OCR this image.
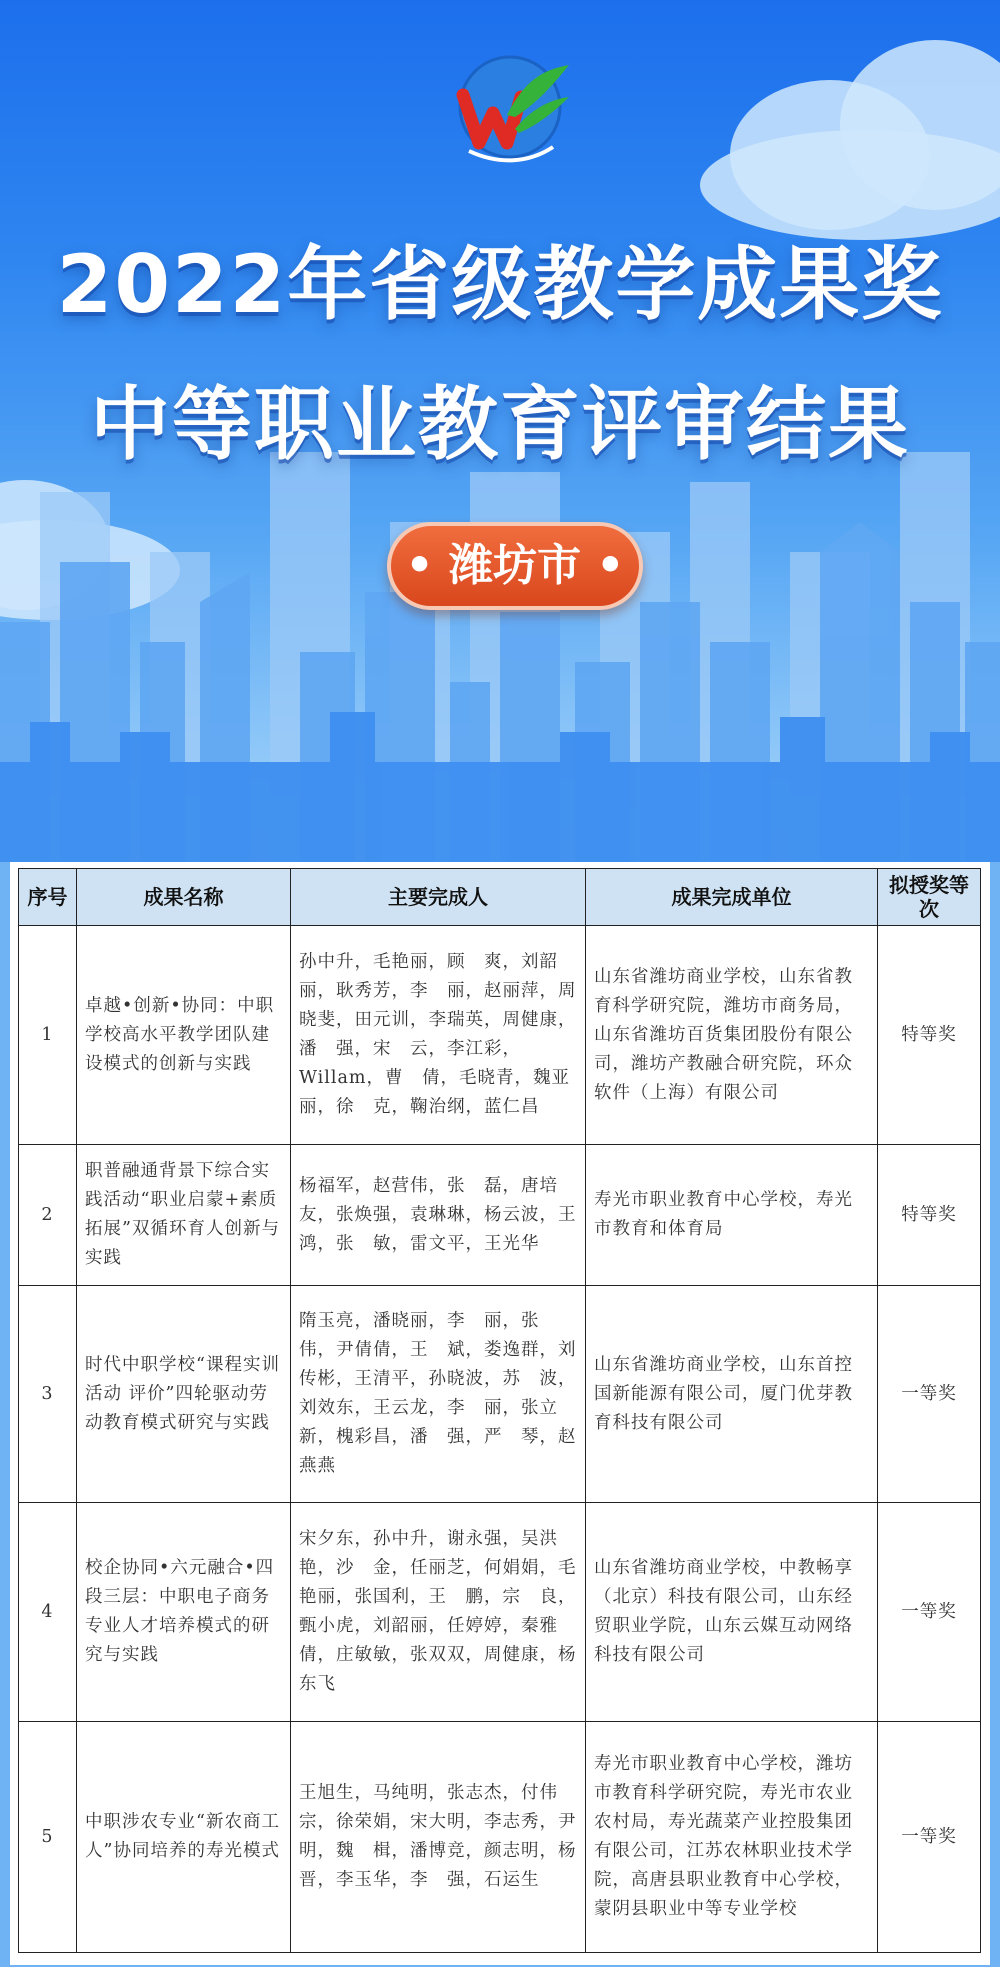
2022年省级教学成果奖
中等职业教育评审结果
• 潍坊市 •
序号	成果名称	主要完成人	成果完成单位	拟授奖等次
1	卓越•创新•协同：中职学校高水平教学团队建设模式的创新与实践	孙中升，毛艳丽，顾　爽，刘韶丽，耿秀芳，李　丽，赵丽萍，周晓斐，田元训，李瑞英，周健康，潘　强，宋　云，李江彩，Willam，曹　倩，毛晓青，魏亚丽，徐　克，鞠治纲，蓝仁昌	山东省潍坊商业学校，山东省教育科学研究院，潍坊市商务局，山东省潍坊百货集团股份有限公司，潍坊产教融合研究院，环众软件（上海）有限公司	特等奖
2	职普融通背景下综合实践活动“职业启蒙+素质拓展”双循环育人创新与实践	杨福军，赵营伟，张　磊，唐培友，张焕强，袁琳琳，杨云波，王　鸿，张　敏，雷文平，王光华	寿光市职业教育中心学校，寿光市教育和体育局	特等奖
3	时代中职学校“课程实训 活动 评价”四轮驱动劳动教育模式研究与实践	隋玉亮，潘晓丽，李　丽，张　伟，尹倩倩，王　斌，娄逸群，刘传彬，王清平，孙晓波，苏　波，刘效东，王云龙，李　丽，张立新，槐彩昌，潘　强，严　琴，赵燕燕	山东省潍坊商业学校，山东首控国新能源有限公司，厦门优芽教育科技有限公司	一等奖
4	校企协同•六元融合•四段三层：中职电子商务专业人才培养模式的研究与实践	宋夕东，孙中升，谢永强，吴洪艳，沙　金，任丽芝，何娟娟，毛艳丽，张国利，王　鹏，宗　良，甄小虎，刘韶丽，任婷婷，秦雅倩，庄敏敏，张双双，周健康，杨东飞	山东省潍坊商业学校，中教畅享（北京）科技有限公司，山东经贸职业学院，山东云媒互动网络科技有限公司	一等奖
5	中职涉农专业“新农商工人”协同培养的寿光模式	王旭生，马纯明，张志杰，付伟宗，徐荣娟，宋大明，李志秀，尹　明，魏　楫，潘博竞，颜志明，杨　晋，李玉华，李　强，石运生	寿光市职业教育中心学校，潍坊市教育科学研究院，寿光市农业农村局，寿光蔬菜产业控股集团有限公司，江苏农林职业技术学院，高唐县职业教育中心学校，蒙阴县职业中等专业学校	一等奖
